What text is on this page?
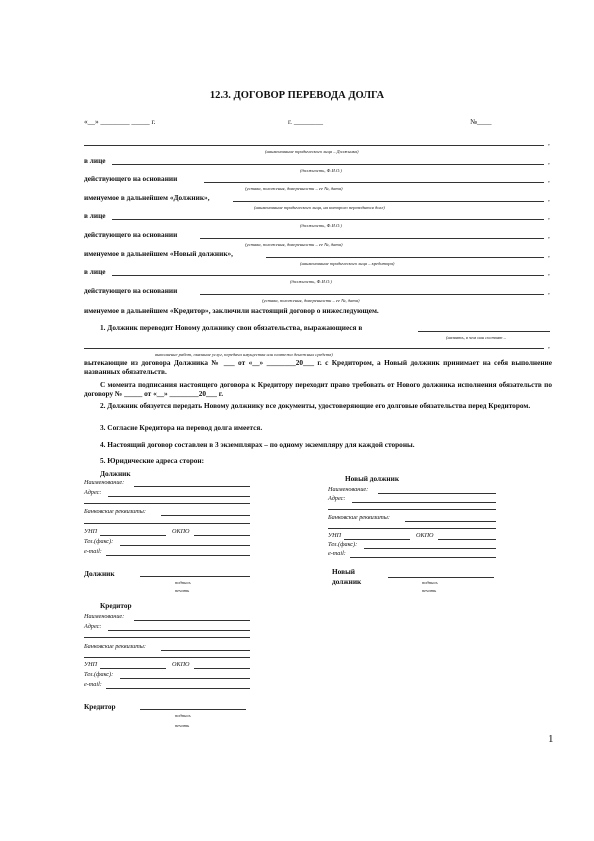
12.3. ДОГОВОР ПЕРЕВОДА ДОЛГА
«__» ________ _____ г.	г. ________	№____
,
(наименование юридического лица – Должника)
в лице	,
(должность, Ф.И.О.)
действующего на основании	,
(устава, положения, доверенности – ее №, дата)
именуемое в дальнейшем «Должник»,	,
(наименование юридического лица, на которого переводится долг)
в лице	,
(должность, Ф.И.О.)
действующего на основании	,
(устава, положения, доверенности – ее №, дата)
именуемое в дальнейшем «Новый должник»,	,
(наименование юридического лица – кредитора)
в лице	,
(должность, Ф.И.О.)
действующего на основании	,
(устава, положения, доверенности – ее №, дата)
именуемое в дальнейшем «Кредитор», заключили настоящий договор о нижеследующем.
1. Должник переводит Новому должнику свои обязательства, выражающиеся в
(назвать, в чем они состоят –
,
выполнение работ, оказание услуг, передача имущества или платежа денежных средств)
вытекающие из договора Должника № ___ от «__» ________20___ г. с Кредитором, а Новый должник принимает на себя выполнение названных обязательств.
С момента подписания настоящего договора к Кредитору переходит право требовать от Нового должника исполнения обязательств по договору № _____ от «__» ________20___ г.
2. Должник обязуется передать Новому должнику все документы, удостоверяющие его долговые обязательства перед Кредитором.
3. Согласие Кредитора на перевод долга имеется.
4. Настоящий договор составлен в 3 экземплярах – по одному экземпляру для каждой стороны.
5. Юридические адреса сторон:
Должник
Наименование:
Адрес:
Банковские реквизиты:
УНП	ОКПО
Тел.(факс):
e-mail:
Новый должник
Наименование:
Адрес:
Банковские реквизиты:
УНП	ОКПО
Тел.(факс):
e-mail:
Должник
подпись
печать
Новый
должник	подпись
печать
Кредитор
Наименование:
Адрес:
Банковские реквизиты:
УНП	ОКПО
Тел.(факс):
e-mail:
Кредитор
подпись
печать
1
